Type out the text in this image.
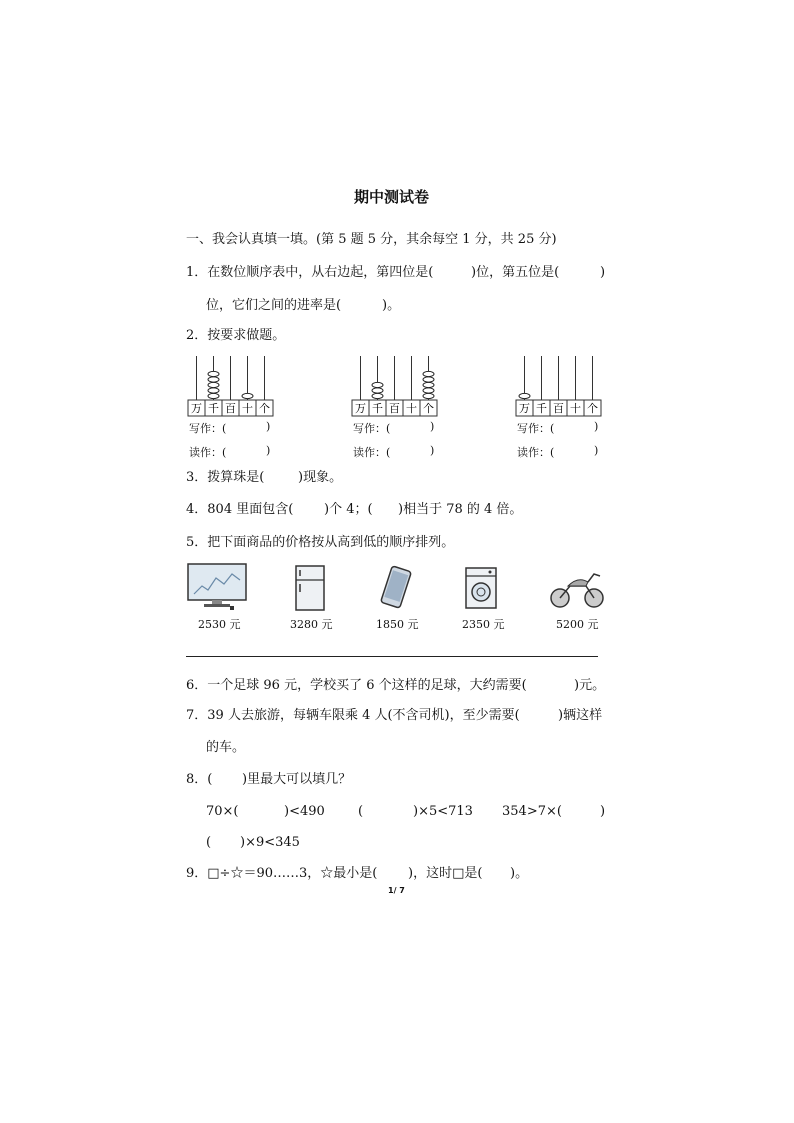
期中测试卷
一、我会认真填一填。(第 5 题 5 分，其余每空 1 分，共 25 分)
1．在数位顺序表中，从右边起，第四位是(	)位，第五位是(	)
位，它们之间的进率是(	)。
2．按要求做题。
万 千 百 十 个	万 千 百 十 个	万 千 百 十 个
写作：(	)
读作：(	)
写作：(	)
读作：(	)
写作：(	)
读作：(	)
3．拨算珠是(	)现象。
4．804 里面包含( )个 4；( )相当于 78 的 4 倍。
5．把下面商品的价格按从高到低的顺序排列。
2530 元	3280 元	1850 元	2350 元	5200 元
6．一个足球 96 元，学校买了 6 个这样的足球，大约需要(	)元。
7．39 人去旅游，每辆车限乘 4 人(不含司机)，至少需要(	)辆这样
的车。
8．( )里最大可以填几？
70×(	)<490	(	)×5<713 354>7×(	)
( )×9<345
9．□÷☆＝90……3，☆最小是( )，这时□是( )。
1/ 7
